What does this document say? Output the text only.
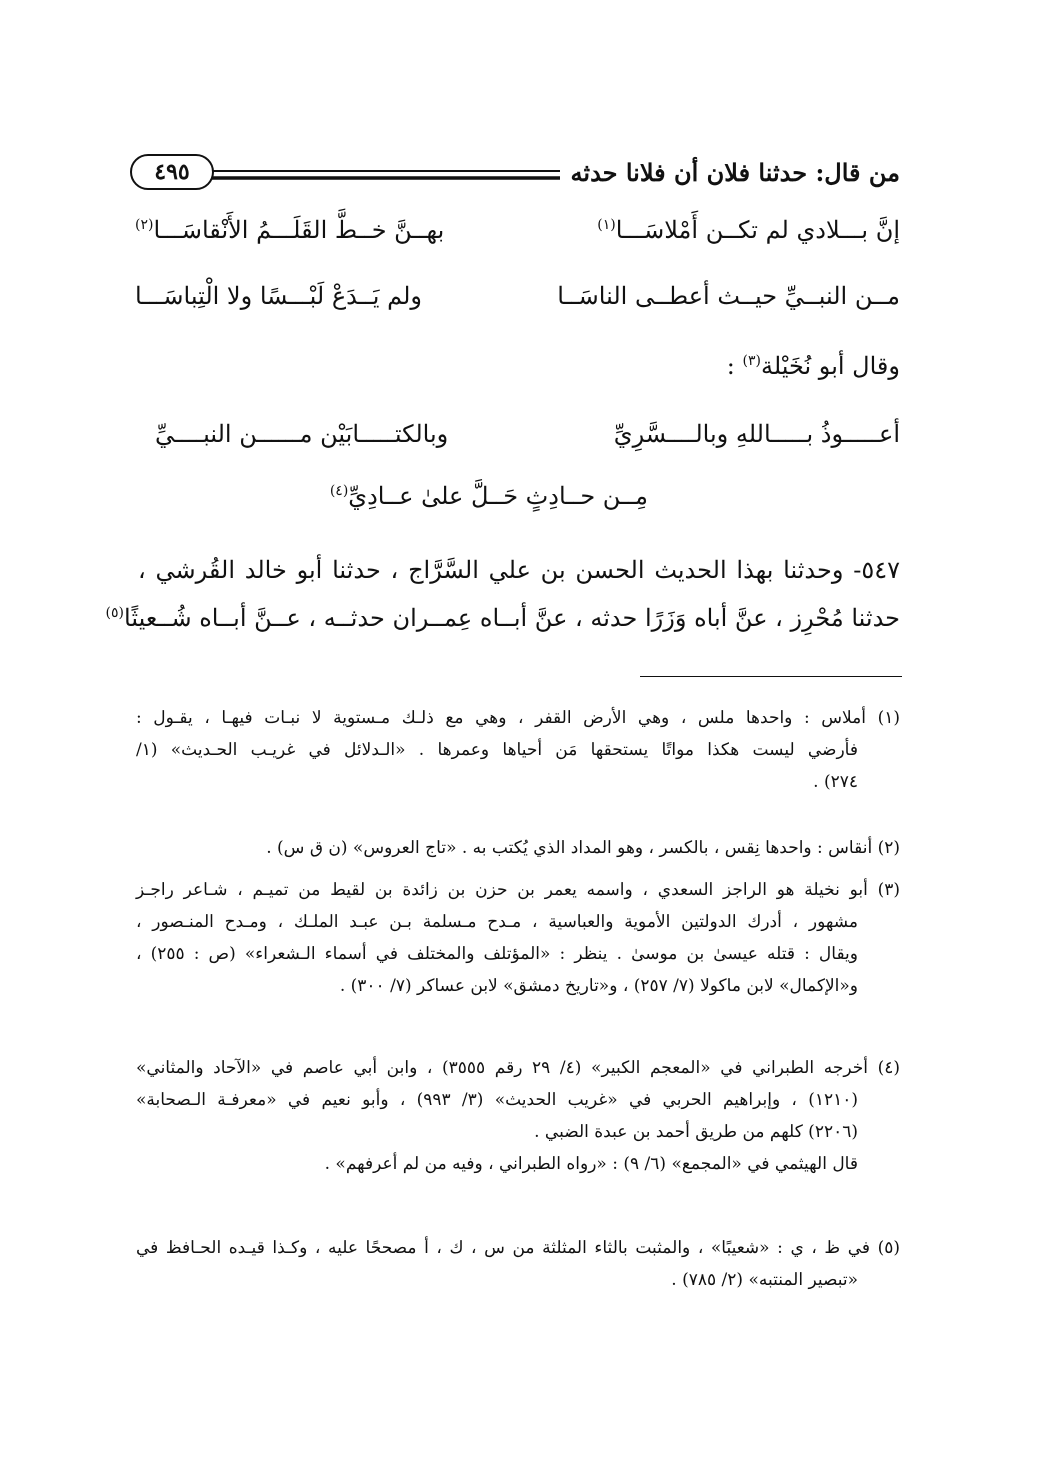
من قال: حدثنا فلان أن فلانا حدثه
٤٩٥
إنَّ بـــلادي لم تكــن أَمْلاسَـــا$^{(١)}$
بهــنَّ خــطَّ القَلَـــمُ الأَنْقاسَـــا$^{(٢)}$
مــن النبــيِّ حيــث أعطــى الناسَــا
ولم يَــدَعْ لَبْـــسًا ولا الْتِباسَـــا
وقال أبو نُخَيْلة$^{(٣)}$ :
أعـــــوذُ بـــــاللهِ وبالــــسَّرِيِّ
وبالكتـــــابَيْن مــــــن النبــــيِّ
مِــن حــادِثٍ حَــلَّ علىٰ عــادِيِّ$^{(٤)}$
٥٤٧- وحدثنا بهذا الحديث الحسن بن علي السَّرَّاج ، حدثنا أبو خالد القُرشي ،
حدثنا مُحْرِز ، عنَّ أباه وَزَرًا حدثه ، عنَّ أبــاه عِمــران حدثــه ، عــنَّ أبــاه شُــعيثًا$^{(٥)}$
(١) أملاس : واحدها ملس ، وهي الأرض القفر ، وهي مع ذلـك مـستوية لا نبـات فيهـا ، يقـول :
فأرضي ليست هكذا مواتًا يستحقها مَن أحياها وعمرها . «الـدلائل في غريـب الحـديث» (١/
٢٧٤) .
(٢) أنقاس : واحدها نِقس ، بالكسر ، وهو المداد الذي يُكتب به . «تاج العروس» (ن ق س) .
(٣) أبو نخيلة هو الراجز السعدي ، واسمه يعمر بن حزن بن زائدة بن لقيط من تميـم ، شـاعر راجـز
مشهور ، أدرك الدولتين الأموية والعباسية ، مـدح مـسلمة بـن عبـد الملـك ، ومـدح المنـصور ،
ويقال : قتله عيسىٰ بن موسىٰ . ينظر : «المؤتلف والمختلف في أسماء الـشعراء» (ص : ٢٥٥) ،
و«الإكمال» لابن ماكولا (٧/ ٢٥٧) ، و«تاريخ دمشق» لابن عساكر (٧/ ٣٠٠) .
(٤) أخرجه الطبراني في «المعجم الكبير» (٤/ ٢٩ رقم ٣٥٥٥) ، وابن أبي عاصم في «الآحاد والمثاني»
(١٢١٠) ، وإبراهيم الحربي في «غريب الحديث» (٣/ ٩٩٣) ، وأبو نعيم في «معرفـة الـصحابة»
(٢٢٠٦) كلهم من طريق أحمد بن عبدة الضبي .
قال الهيثمي في «المجمع» (٦/ ٩) : «رواه الطبراني ، وفيه من لم أعرفهم» .
(٥) في ظ ، ي : «شعيبًا» ، والمثبت بالثاء المثلثة من س ، ك ، أ مصححًا عليه ، وكـذا قيـده الحـافظ في
«تبصير المنتبه» (٢/ ٧٨٥) .
